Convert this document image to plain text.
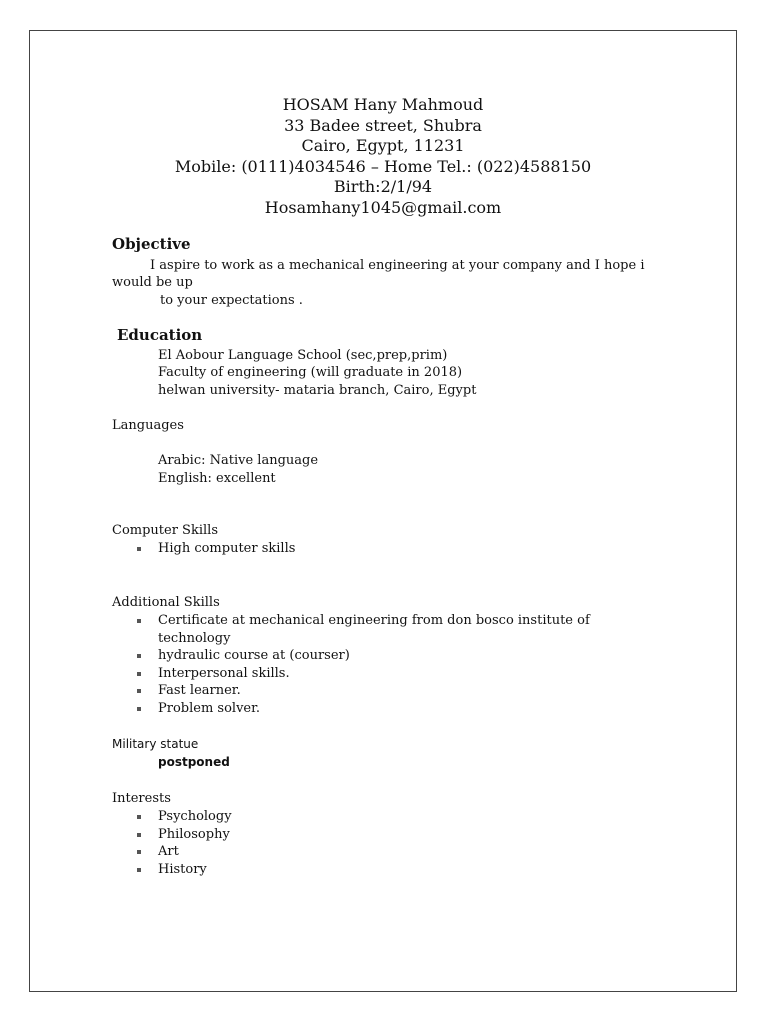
HOSAM Hany Mahmoud
33 Badee street, Shubra
Cairo, Egypt, 11231
Mobile: (0111)4034546 – Home Tel.: (022)4588150
Birth:2/1/94
Hosamhany1045@gmail.com
Objective
I aspire to work as a mechanical engineering at your company and I hope i
would be up
to your expectations .
Education
El Aobour Language School (sec,prep,prim)
Faculty of engineering (will graduate in 2018)
helwan university- mataria branch, Cairo, Egypt
Languages
Arabic: Native language
English: excellent
Computer Skills
High computer skills
Additional Skills
Certificate at mechanical engineering from don bosco institute of
technology
hydraulic course at (courser)
Interpersonal skills.
Fast learner.
Problem solver.
Military statue
postponed
Interests
Psychology
Philosophy
Art
History
